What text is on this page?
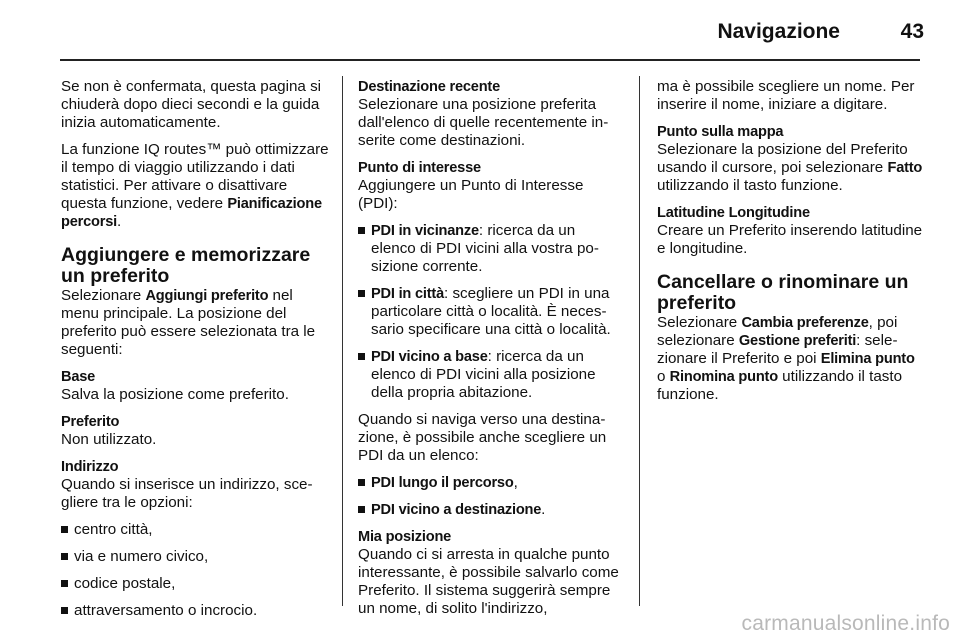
Navigazione	43

Se non è confermata, questa pagina si chiuderà dopo dieci secondi e la guida inizia automaticamente.

La funzione IQ routes™ può ottimizzare il tempo di viaggio utilizzando i dati statistici. Per attivare o disattivare questa funzione, vedere Pianificazione percorsi.

Aggiungere e memorizzare un preferito

Selezionare Aggiungi preferito nel menu principale. La posizione del preferito può essere selezionata tra le seguenti:

Base

Salva la posizione come preferito.

Preferito

Non utilizzato.

Indirizzo

Quando si inserisce un indirizzo, scegliere tra le opzioni:

centro città,
via e numero civico,
codice postale,
attraversamento o incrocio.
Destinazione recente

Selezionare una posizione preferita dall'elenco di quelle recentemente inserite come destinazioni.

Punto di interesse

Aggiungere un Punto di Interesse (PDI):

PDI in vicinanze: ricerca da un elenco di PDI vicini alla vostra posizione corrente.
PDI in città: scegliere un PDI in una particolare città o località. È necessario specificare una città o località.
PDI vicino a base: ricerca da un elenco di PDI vicini alla posizione della propria abitazione.

Quando si naviga verso una destinazione, è possibile anche scegliere un PDI da un elenco:

PDI lungo il percorso,
PDI vicino a destinazione.
Mia posizione

Quando ci si arresta in qualche punto interessante, è possibile salvarlo come Preferito. Il sistema suggerirà sempre un nome, di solito l'indirizzo,

ma è possibile scegliere un nome. Per inserire il nome, iniziare a digitare.

Punto sulla mappa

Selezionare la posizione del Preferito usando il cursore, poi selezionare Fatto utilizzando il tasto funzione.

Latitudine Longitudine

Creare un Preferito inserendo latitudine e longitudine.

Cancellare o rinominare un preferito

Selezionare Cambia preferenze, poi selezionare Gestione preferiti: selezionare il Preferito e poi Elimina punto o Rinomina punto utilizzando il tasto funzione.

carmanualsonline.info
